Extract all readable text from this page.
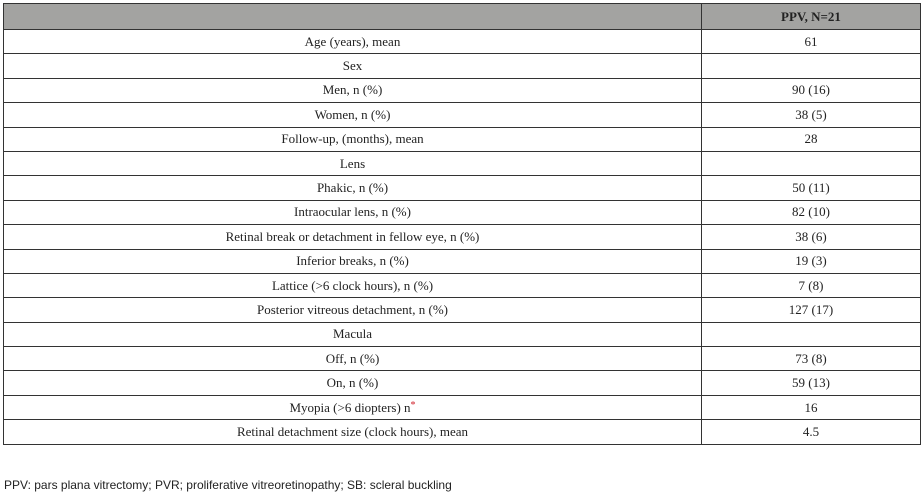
	PPV, N=21
Age (years), mean	61
Sex	
Men, n (%)	90 (16)
Women, n (%)	38 (5)
Follow-up, (months), mean	28
Lens	
Phakic, n (%)	50 (11)
Intraocular lens, n (%)	82 (10)
Retinal break or detachment in fellow eye, n (%)	38 (6)
Inferior breaks, n (%)	19 (3)
Lattice (>6 clock hours), n (%)	7 (8)
Posterior vitreous detachment, n (%)	127 (17)
Macula	
Off, n (%)	73 (8)
On, n (%)	59 (13)
Myopia (>6 diopters) n*	16
Retinal detachment size (clock hours), mean	4.5
PPV: pars plana vitrectomy; PVR; proliferative vitreoretinopathy; SB: scleral buckling
